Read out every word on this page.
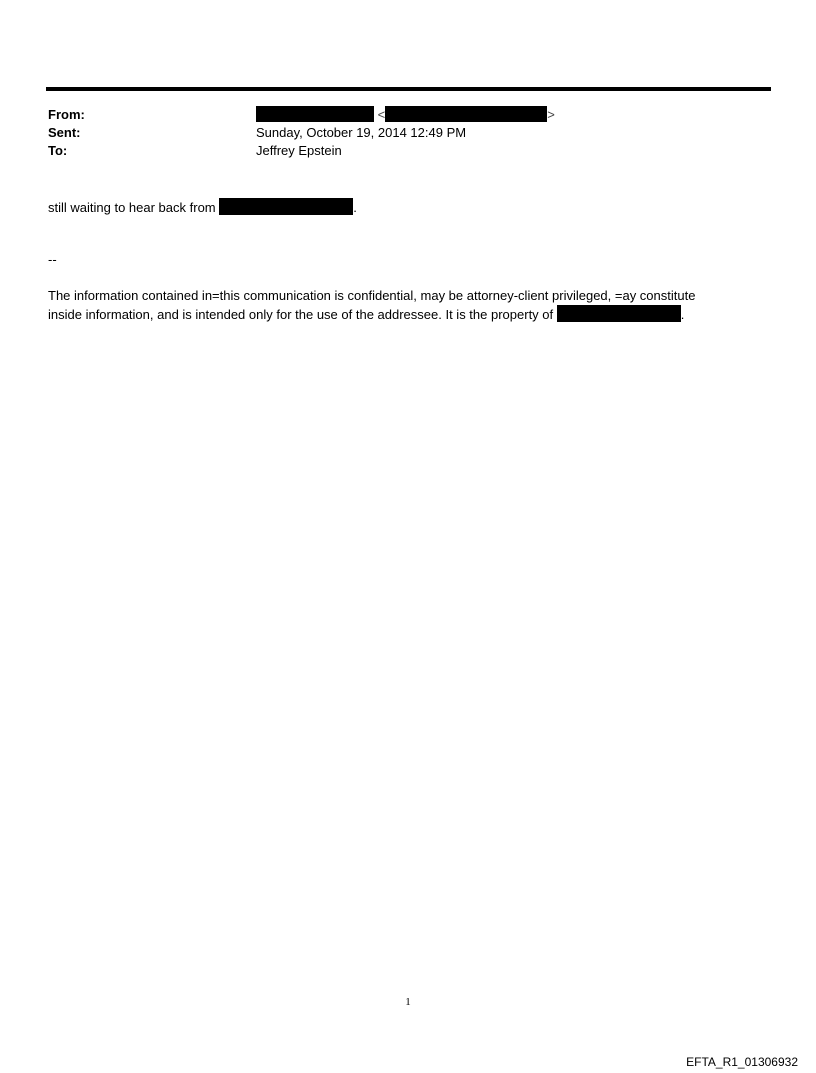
From:	<	>
Sent:	Sunday, October 19, 2014 12:49 PM
To:	Jeffrey Epstein
still waiting to hear back from	.
--
The information contained in=this communication is confidential, may be attorney-client privileged, =ay constitute
inside information, and is intended only for the use of the addressee. It is the property of	.
1
EFTA_R1_01306932
